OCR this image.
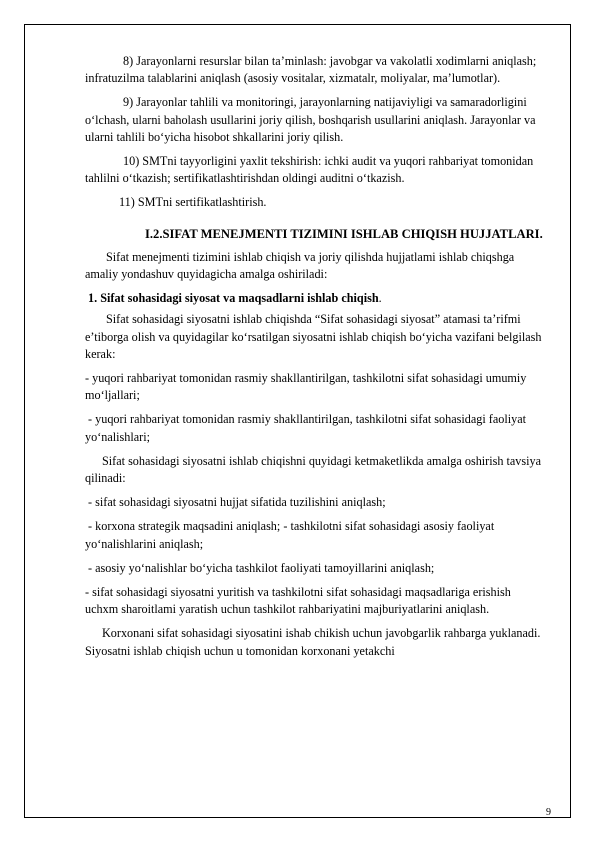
8) Jarayonlarni resurslar bilan ta’minlash: javobgar va vakolatli xodimlarni aniqlash; infratuzilma talablarini aniqlash (asosiy vositalar, xizmatalr, moliyalar, ma’lumotlar).

9) Jarayonlar tahlili va monitoringi, jarayonlarning natijaviyligi va samaradorligini o‘lchash, ularni baholash usullarini joriy qilish, boshqarish usullarini aniqlash. Jarayonlar va ularni tahlili bo‘yicha hisobot shkallarini joriy qilish.

10) SMTni tayyorligini yaxlit tekshirish: ichki audit va yuqori rahbariyat tomonidan tahlilni o‘tkazish; sertifikatlashtirishdan oldingi auditni o‘tkazish.

11) SMTni sertifikatlashtirish.

I.2.SIFAT MENEJMENTI TIZIMINI ISHLAB CHIQISH HUJJATLARI.

Sifat menejmenti tizimini ishlab chiqish va joriy qilishda hujjatlami ishlab chiqshga amaliy yondashuv quyidagicha amalga oshiriladi:

1. Sifat sohasidagi siyosat va maqsadlarni ishlab chiqish.

Sifat sohasidagi siyosatni ishlab chiqishda “Sifat sohasidagi siyosat” atamasi ta’rifmi e’tiborga olish va quyidagilar ko‘rsatilgan siyosatni ishlab chiqish bo‘yicha vazifani belgilash kerak:

- yuqori rahbariyat tomonidan rasmiy shakllantirilgan, tashkilotni sifat sohasidagi umumiy mo‘ljallari;

- yuqori rahbariyat tomonidan rasmiy shakllantirilgan, tashkilotni sifat sohasidagi faoliyat yo‘nalishlari;

Sifat sohasidagi siyosatni ishlab chiqishni quyidagi ketmaketlikda amalga oshirish tavsiya qilinadi:

- sifat sohasidagi siyosatni hujjat sifatida tuzilishini aniqlash;

- korxona strategik maqsadini aniqlash; - tashkilotni sifat sohasidagi asosiy faoliyat yo‘nalishlarini aniqlash;

- asosiy yo‘nalishlar bo‘yicha tashkilot faoliyati tamoyillarini aniqlash;

- sifat sohasidagi siyosatni yuritish va tashkilotni sifat sohasidagi maqsadlariga erishish uchxm sharoitlami yaratish uchun tashkilot rahbariyatini majburiyatlarini aniqlash.

Korxonani sifat sohasidagi siyosatini ishab chikish uchun javobgarlik rahbarga yuklanadi. Siyosatni ishlab chiqish uchun u tomonidan korxonani yetakchi

9
